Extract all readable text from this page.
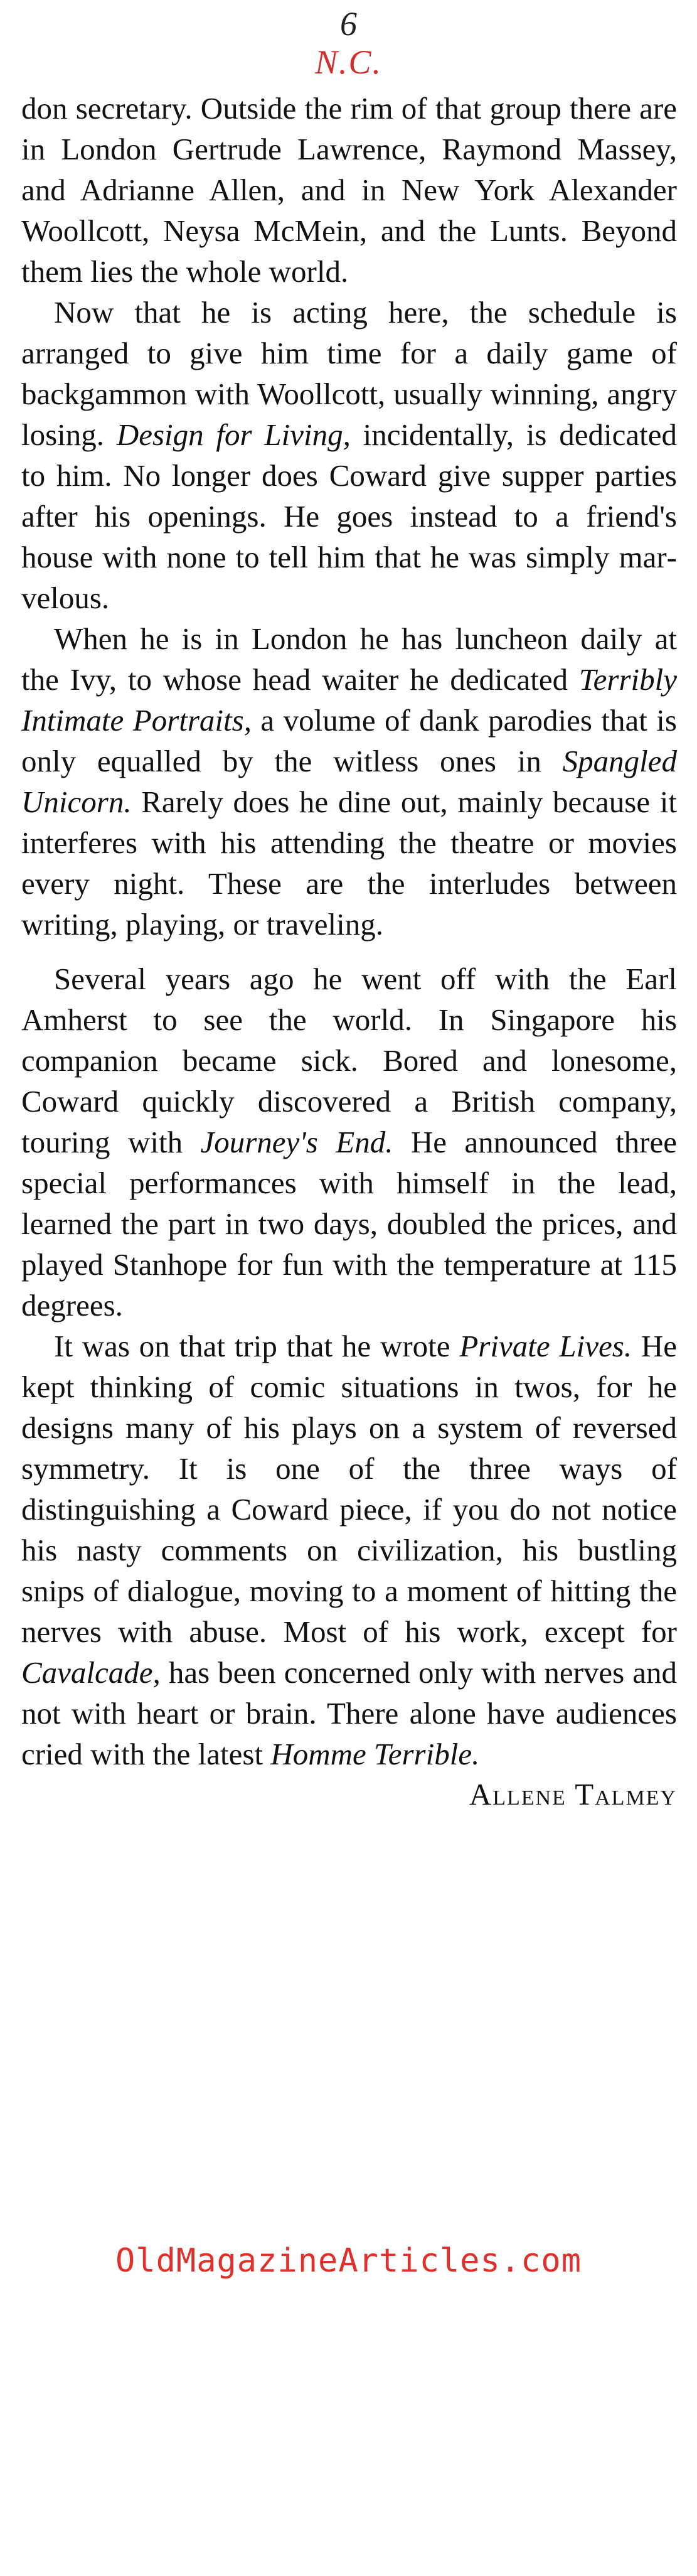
6
N.C.

don secretary. Outside the rim of that group there are in London Gertrude Lawrence, Raymond Massey, and Adrianne Allen, and in New York Alexander Woollcott, Neysa McMein, and the Lunts. Beyond them lies the whole world.

Now that he is acting here, the schedule is arranged to give him time for a daily game of backgammon with Woollcott, usually winning, angry losing. Design for Living, incidentally, is dedicated to him. No longer does Coward give supper parties after his openings. He goes instead to a friend's house with none to tell him that he was simply marvelous.

When he is in London he has luncheon daily at the Ivy, to whose head waiter he dedicated Terribly Intimate Portraits, a volume of dank parodies that is only equalled by the witless ones in Spangled Unicorn. Rarely does he dine out, mainly because it interferes with his attending the theatre or movies every night. These are the interludes between writing, playing, or traveling.

Several years ago he went off with the Earl Amherst to see the world. In Singapore his companion became sick. Bored and lonesome, Coward quickly discovered a British company, touring with Journey's End. He announced three special performances with himself in the lead, learned the part in two days, doubled the prices, and played Stanhope for fun with the temperature at 115 degrees.

It was on that trip that he wrote Private Lives. He kept thinking of comic situations in twos, for he designs many of his plays on a system of reversed symmetry. It is one of the three ways of distinguishing a Coward piece, if you do not notice his nasty comments on civilization, his bustling snips of dialogue, moving to a moment of hitting the nerves with abuse. Most of his work, except for Cavalcade, has been concerned only with nerves and not with heart or brain. There alone have audiences cried with the latest Homme Terrible.

Allene Talmey

OldMagazineArticles.com
